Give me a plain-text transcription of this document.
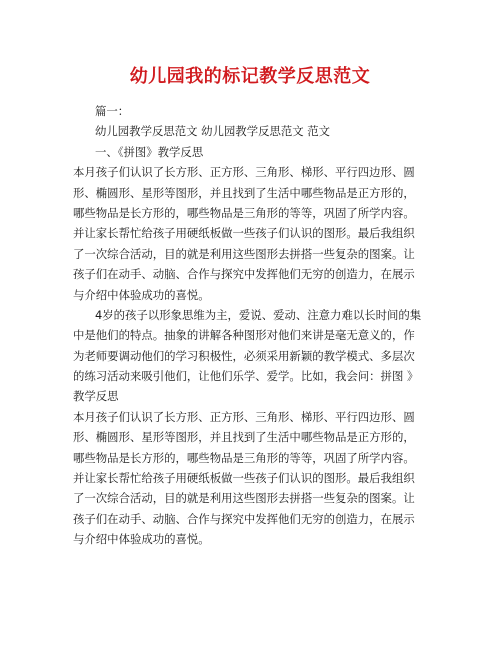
幼儿园我的标记教学反思范文
篇一：
幼儿园教学反思范文 幼儿园教学反思范文 范文
一、《拼图》教学反思
本月孩子们认识了长方形、正方形、三角形、梯形、平行四边形、圆
形、椭圆形、星形等图形，并且找到了生活中哪些物品是正方形的，
哪些物品是长方形的，哪些物品是三角形的等等，巩固了所学内容。
并让家长帮忙给孩子用硬纸板做一些孩子们认识的图形。最后我组织
了一次综合活动，目的就是利用这些图形去拼搭一些复杂的图案。让
孩子们在动手、动脑、合作与探究中发挥他们无穷的创造力，在展示
与介绍中体验成功的喜悦。
4岁的孩子以形象思维为主，爱说、爱动、注意力难以长时间的集
中是他们的特点。抽象的讲解各种图形对他们来讲是毫无意义的，作
为老师要调动他们的学习积极性，必须采用新颖的教学模式、多层次
的练习活动来吸引他们，让他们乐学、爱学。比如，我会问：拼图 》
教学反思
本月孩子们认识了长方形、正方形、三角形、梯形、平行四边形、圆
形、椭圆形、星形等图形，并且找到了生活中哪些物品是正方形的，
哪些物品是长方形的，哪些物品是三角形的等等，巩固了所学内容。
并让家长帮忙给孩子用硬纸板做一些孩子们认识的图形。最后我组织
了一次综合活动，目的就是利用这些图形去拼搭一些复杂的图案。让
孩子们在动手、动脑、合作与探究中发挥他们无穷的创造力，在展示
与介绍中体验成功的喜悦。
